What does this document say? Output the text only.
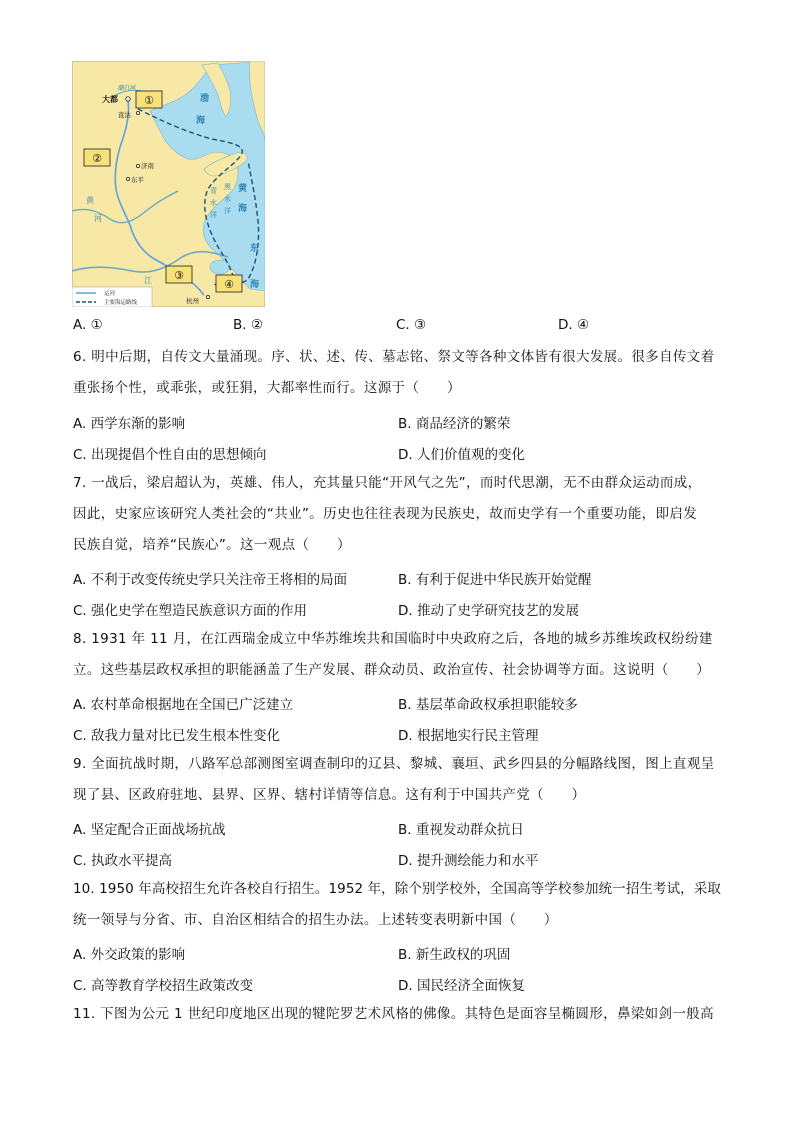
潮白河
大都
直沽
济南
东平
杭州
渤
海
黄
海
黄
河
江
东
海
黑
水
洋
青
水
洋
①
②
③
④
运河
主要海运路线
A. ①	B. ②	C. ③	D. ④
6. 明中后期，自传文大量涌现。序、状、述、传、墓志铭、祭文等各种文体皆有很大发展。很多自传文着
重张扬个性，或乖张，或狂狷，大都率性而行。这源于（　　）
A. 西学东渐的影响	B. 商品经济的繁荣
C. 出现提倡个性自由的思想倾向	D. 人们价值观的变化
7. 一战后，梁启超认为，英雄、伟人，充其量只能“开风气之先”，而时代思潮，无不由群众运动而成，
因此，史家应该研究人类社会的“共业”。历史也往往表现为民族史，故而史学有一个重要功能，即启发
民族自觉，培养“民族心”。这一观点（　　）
A. 不利于改变传统史学只关注帝王将相的局面	B. 有利于促进中华民族开始觉醒
C. 强化史学在塑造民族意识方面的作用	D. 推动了史学研究技艺的发展
8. 1931 年 11 月，在江西瑞金成立中华苏维埃共和国临时中央政府之后，各地的城乡苏维埃政权纷纷建
立。这些基层政权承担的职能涵盖了生产发展、群众动员、政治宣传、社会协调等方面。这说明（　　）
A. 农村革命根据地在全国已广泛建立	B. 基层革命政权承担职能较多
C. 敌我力量对比已发生根本性变化	D. 根据地实行民主管理
9. 全面抗战时期，八路军总部测图室调查制印的辽县、黎城、襄垣、武乡四县的分幅路线图，图上直观呈
现了县、区政府驻地、县界、区界、辖村详情等信息。这有利于中国共产党（　　）
A. 坚定配合正面战场抗战	B. 重视发动群众抗日
C. 执政水平提高	D. 提升测绘能力和水平
10. 1950 年高校招生允许各校自行招生。1952 年，除个别学校外，全国高等学校参加统一招生考试，采取
统一领导与分省、市、自治区相结合的招生办法。上述转变表明新中国（　　）
A. 外交政策的影响	B. 新生政权的巩固
C. 高等教育学校招生政策改变	D. 国民经济全面恢复
11. 下图为公元 1 世纪印度地区出现的犍陀罗艺术风格的佛像。其特色是面容呈椭圆形，鼻梁如剑一般高
